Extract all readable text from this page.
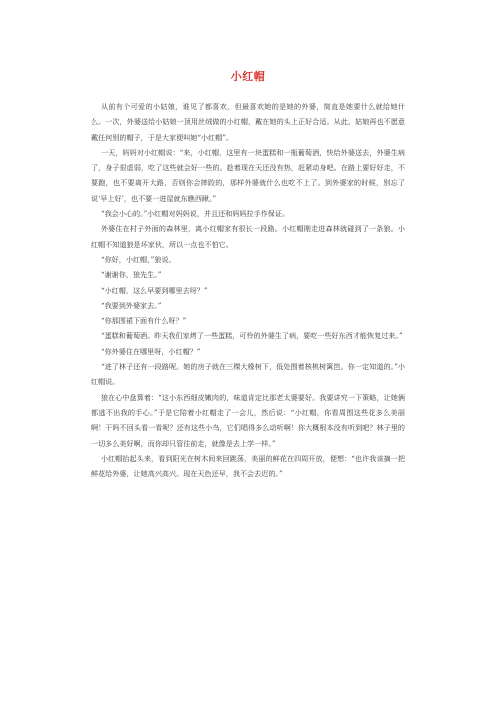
小红帽

从前有个可爱的小姑娘，谁见了都喜欢，但最喜欢她的是她的外婆，简直是她要什么就给她什么。一次，外婆送给小姑娘一顶用丝绒做的小红帽，戴在她的头上正好合适。从此，姑娘再也不愿意戴任何别的帽子，于是大家便叫她“小红帽”。

一天，妈妈对小红帽说：“来，小红帽，这里有一块蛋糕和一瓶葡萄酒，快给外婆送去，外婆生病了，身子很虚弱，吃了这些就会好一些的。趁着现在天还没有热，赶紧动身吧。在路上要好好走，不要跑，也不要离开大路，否则你会摔跤的，那样外婆就什么也吃不上了。到外婆家的时候，别忘了说‘早上好’，也不要一进屋就东瞧西瞅。”

“我会小心的。”小红帽对妈妈说，并且还和妈妈拉手作保证。

外婆住在村子外面的森林里，离小红帽家有很长一段路。小红帽刚走进森林就碰到了一条狼。小红帽不知道狼是坏家伙，所以一点也不怕它。

“你好，小红帽，”狼说。

“谢谢你，狼先生。”

“小红帽，这么早要到哪里去呀？”

“我要到外婆家去。”

“你那围裙下面有什么呀？”

“蛋糕和葡萄酒。昨天我们家烤了一些蛋糕，可怜的外婆生了病，要吃一些好东西才能恢复过来。”

“你外婆住在哪里呀，小红帽？”

“进了林子还有一段路呢。她的房子就在三棵大橡树下，低处围着核桃树篱笆。你一定知道的。”小红帽说。

狼在心中盘算着：“这小东西细皮嫩肉的，味道肯定比那老太婆要好。我要讲究一下策略，让她俩都逃不出我的手心。”于是它陪着小红帽走了一会儿，然后说：“小红帽，你看周围这些花多么美丽啊！干吗不回头看一看呢？还有这些小鸟，它们唱得多么动听啊！你大概根本没有听到吧？林子里的一切多么美好啊，而你却只管往前走，就像是去上学一样。”

小红帽抬起头来，看到阳光在树木间来回跳荡，美丽的鲜花在四周开放，便想：“也许我该摘一把鲜花给外婆，让她高兴高兴。现在天色还早，我不会去迟的。”
